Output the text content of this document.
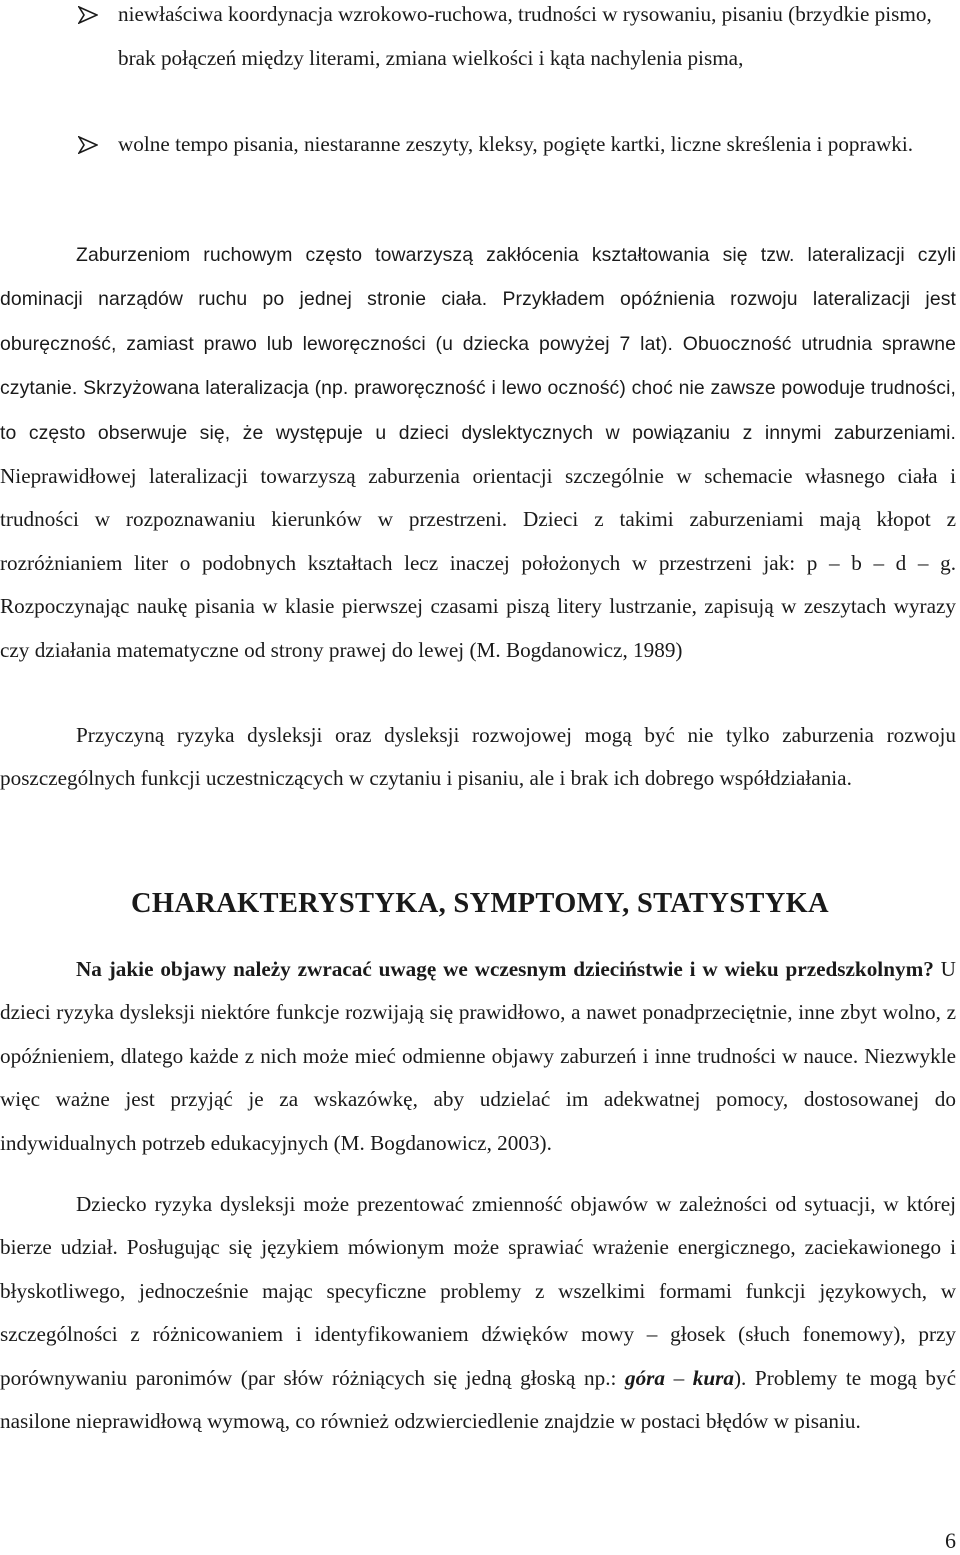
niewłaściwa koordynacja wzrokowo-ruchowa, trudności w rysowaniu, pisaniu (brzydkie pismo, brak połączeń między literami, zmiana wielkości i kąta nachylenia pisma,
wolne tempo pisania, niestaranne zeszyty, kleksy, pogięte kartki, liczne skreślenia i poprawki.

Zaburzeniom ruchowym często towarzyszą zakłócenia kształtowania się tzw. lateralizacji czyli dominacji narządów ruchu po jednej stronie ciała. Przykładem opóźnienia rozwoju lateralizacji jest oburęczność, zamiast prawo lub leworęczności (u dziecka powyżej 7 lat). Obuoczność utrudnia sprawne czytanie. Skrzyżowana lateralizacja (np. praworęczność i lewo oczność) choć nie zawsze powoduje trudności, to często obserwuje się, że występuje u dzieci dyslektycznych w powiązaniu z innymi zaburzeniami. Nieprawidłowej lateralizacji towarzyszą zaburzenia orientacji szczególnie w schemacie własnego ciała i trudności w rozpoznawaniu kierunków w przestrzeni. Dzieci z takimi zaburzeniami mają kłopot z rozróżnianiem liter o podobnych kształtach lecz inaczej położonych w przestrzeni jak: p – b – d – g. Rozpoczynając naukę pisania w klasie pierwszej czasami piszą litery lustrzanie, zapisują w zeszytach wyrazy czy działania matematyczne od strony prawej do lewej (M. Bogdanowicz, 1989)

Przyczyną ryzyka dysleksji oraz dysleksji rozwojowej mogą być nie tylko zaburzenia rozwoju poszczególnych funkcji uczestniczących w czytaniu i pisaniu, ale i brak ich dobrego współdziałania.

CHARAKTERYSTYKA, SYMPTOMY, STATYSTYKA

Na jakie objawy należy zwracać uwagę we wczesnym dzieciństwie i w wieku przedszkolnym? U dzieci ryzyka dysleksji niektóre funkcje rozwijają się prawidłowo, a nawet ponadprzeciętnie, inne zbyt wolno, z opóźnieniem, dlatego każde z nich może mieć odmienne objawy zaburzeń i inne trudności w nauce. Niezwykle więc ważne jest przyjąć je za wskazówkę, aby udzielać im adekwatnej pomocy, dostosowanej do indywidualnych potrzeb edukacyjnych (M. Bogdanowicz, 2003).

Dziecko ryzyka dysleksji może prezentować zmienność objawów w zależności od sytuacji, w której bierze udział. Posługując się językiem mówionym może sprawiać wrażenie energicznego, zaciekawionego i błyskotliwego, jednocześnie mając specyficzne problemy z wszelkimi formami funkcji językowych, w szczególności z różnicowaniem i identyfikowaniem dźwięków mowy – głosek (słuch fonemowy), przy porównywaniu paronimów (par słów różniących się jedną głoską np.: góra – kura). Problemy te mogą być nasilone nieprawidłową wymową, co również odzwierciedlenie znajdzie w postaci błędów w pisaniu.

6
